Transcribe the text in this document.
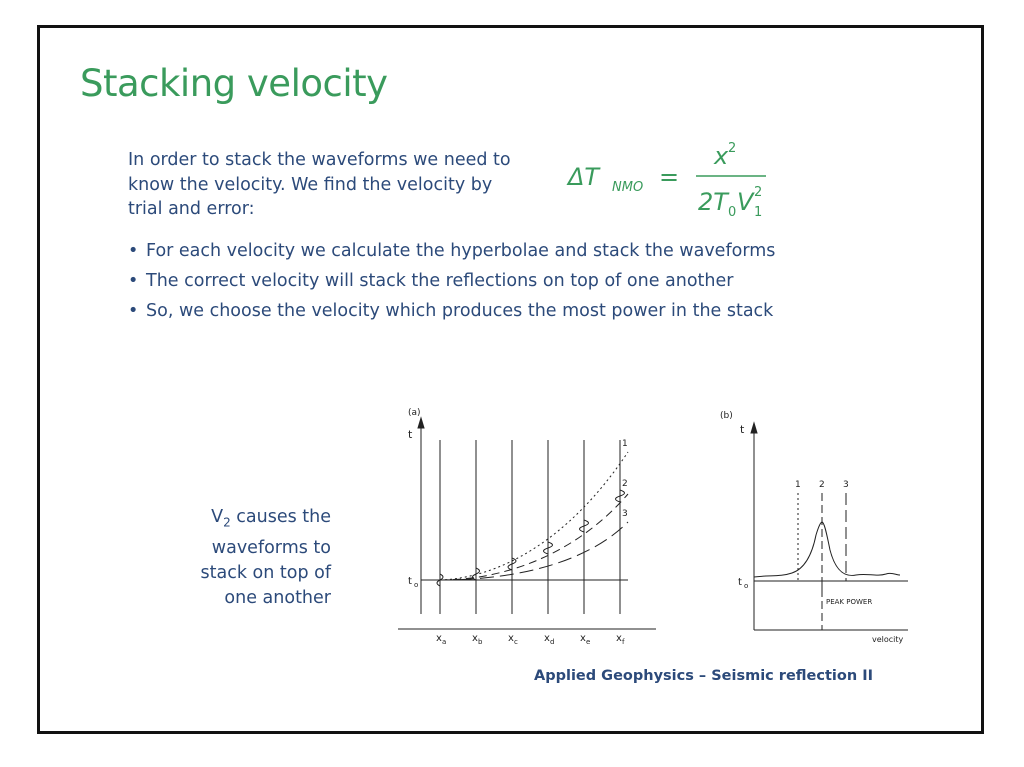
Stacking velocity
In order to stack the waveforms we need to know the velocity. We find the velocity by trial and error:
ΔT NMO =
x 2
2T 0 V 2
1
• For each velocity we calculate the hyperbolae and stack the waveforms
• The correct velocity will stack the reflections on top of one another
• So, we choose the velocity which produces the most power in the stack
$V_2$ causes the
waveforms to
stack on top of
one another
(a)
t
t o
1
2
3
x a	x b	x c	x d	x e	x f
(b)
t
t o
1 2 3
PEAK POWER
velocity
Applied Geophysics – Seismic reflection II
